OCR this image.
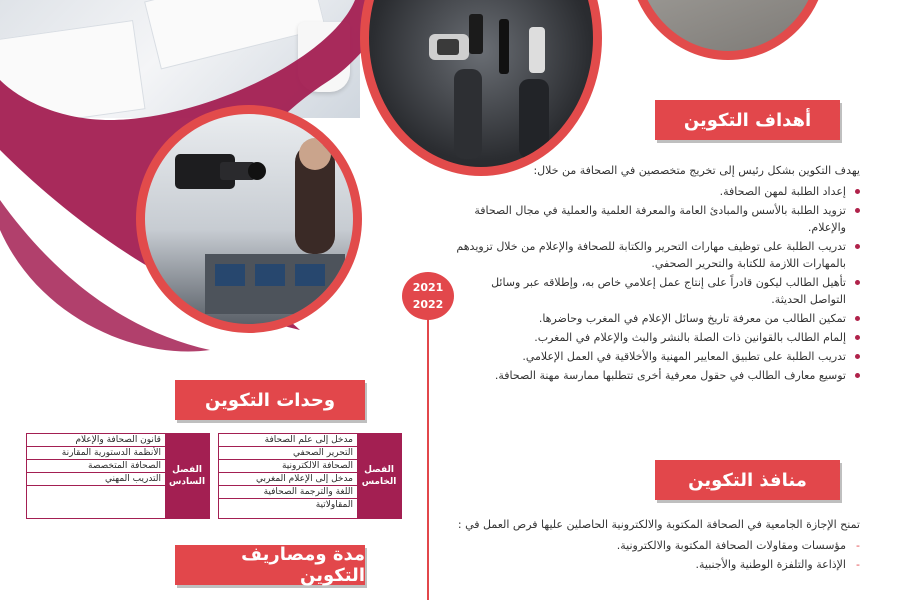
أهداف التكوين

يهدف التكوين بشكل رئيس إلى تخريج متخصصين في الصحافة من خلال:

إعداد الطلبة لمهن الصحافة.
تزويد الطلبة بالأسس والمبادئ العامة والمعرفة العلمية والعملية في مجال الصحافة والإعلام.
تدريب الطلبة على توظيف مهارات التحرير والكتابة للصحافة والإعلام من خلال تزويدهم بالمهارات اللازمة للكتابة والتحرير الصحفي.
تأهيل الطالب ليكون قادراً على إنتاج عمل إعلامي خاص به، وإطلاقه عبر وسائل التواصل الحديثة.
تمكين الطالب من معرفة تاريخ وسائل الإعلام في المغرب وحاضرها.
إلمام الطالب بالقوانين ذات الصلة بالنشر والبث والإعلام في المغرب.
تدريب الطلبة على تطبيق المعايير المهنية والأخلاقية في العمل الإعلامي.
توسيع معارف الطالب في حقول معرفية أخرى تتطلبها ممارسة مهنة الصحافة.
منافذ التكوين

تمنح الإجازة الجامعية في الصحافة المكتوبة والالكترونية الحاصلين عليها فرص العمل في :

-
مؤسسات ومقاولات الصحافة المكتوبة والالكترونية.
-
الإذاعة والتلفزة الوطنية والأجنبية.
2021
2022
وحدات التكوين
مدخل إلى علم الصحافة
التحرير الصحفي
الصحافة الالكترونية
مدخل إلى الإعلام المغربي
اللغة والترجمة الصحافية
المقاولاتية
الفصل
الخامس
قانون الصحافة والإعلام
الأنظمة الدستورية المقارنة
الصحافة المتخصصة
التدريب المهني
الفصل
السادس
مدة ومصاريف التكوين
